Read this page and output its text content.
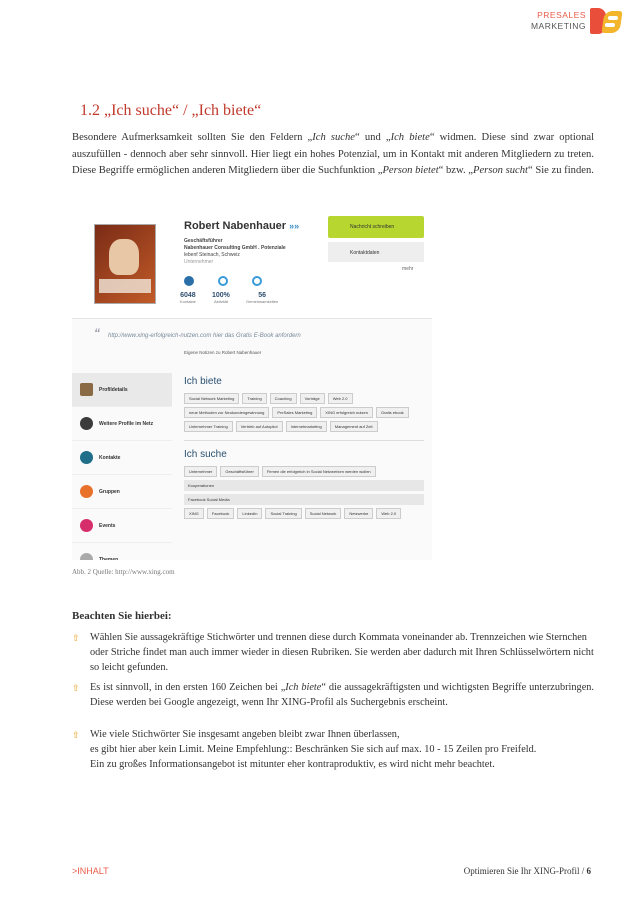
PRESALES
MARKETING
1.2 „Ich suche“ / „Ich biete“
Besondere Aufmerksamkeit sollten Sie den Feldern „Ich suche“ und „Ich biete“ widmen. Diese sind zwar optional auszufüllen - dennoch aber sehr sinnvoll. Hier liegt ein hohes Potenzial, um in Kontakt mit anderen Mitgliedern zu treten. Diese Begriffe ermöglichen anderen Mitgliedern über die Suchfunktion „Person bietet“ bzw. „Person sucht“ Sie zu finden.
Robert Nabenhauer »»
Geschäftsführer
Nabenhauer Consulting GmbH . Potenziale
lebenf Steinach, Schweiz
Unternehmer
6048
Kontakte
100%
Aktivität
56
Gemeinsamkeiten
Nachricht schreiben
Kontaktdaten
mehr
“ http://www.xing-erfolgreich-nutzen.com hier das Gratis E-Book anfordern
Eigene Notizen zu Robert Nabenhauer
Profildetails
Weitere Profile im Netz
Kontakte
Gruppen
Events
Themen
Ich biete
Social Network Marketing	Training	Coaching	Vorträge	Web 2.0
neue Methoden zur Neukundengewinnung	PreSales Marketing	XING erfolgreich nutzen	Gratis ebook
Unternehmer Training	Vertrieb auf Autopilot	Internetmarketing	Management auf Zeit
Ich suche
Unternehmer	Geschäftsführer	Firmen die erfolgreich in Social Netzwerken werden wollen
Kooperationen
Facebook Social Media
XING	Facebook	LinkedIn	Social Training	Social Network	Netzwerke	Web 2.0
Abb. 2 Quelle: http://www.xing.com
Beachten Sie hierbei:
⇧ Wählen Sie aussagekräftige Stichwörter und trennen diese durch Kommata voneinander ab. Trennzeichen wie Sternchen oder Striche findet man auch immer wieder in diesen Rubriken. Sie werden aber dadurch mit Ihren Schlüsselwörtern nicht so leicht gefunden.
⇧ Es ist sinnvoll, in den ersten 160 Zeichen bei „Ich biete“ die aussagekräftigsten und wichtigsten Begriffe unterzubringen. Diese werden bei Google angezeigt, wenn Ihr XING-Profil als Suchergebnis erscheint.
⇧ Wie viele Stichwörter Sie insgesamt angeben bleibt zwar Ihnen überlassen,
es gibt hier aber kein Limit. Meine Empfehlung:: Beschränken Sie sich auf max. 10 - 15 Zeilen pro Freifeld.
Ein zu großes Informationsangebot ist mitunter eher kontraproduktiv, es wird nicht mehr beachtet.
>INHALT	Optimieren Sie Ihr XING-Profil / 6
